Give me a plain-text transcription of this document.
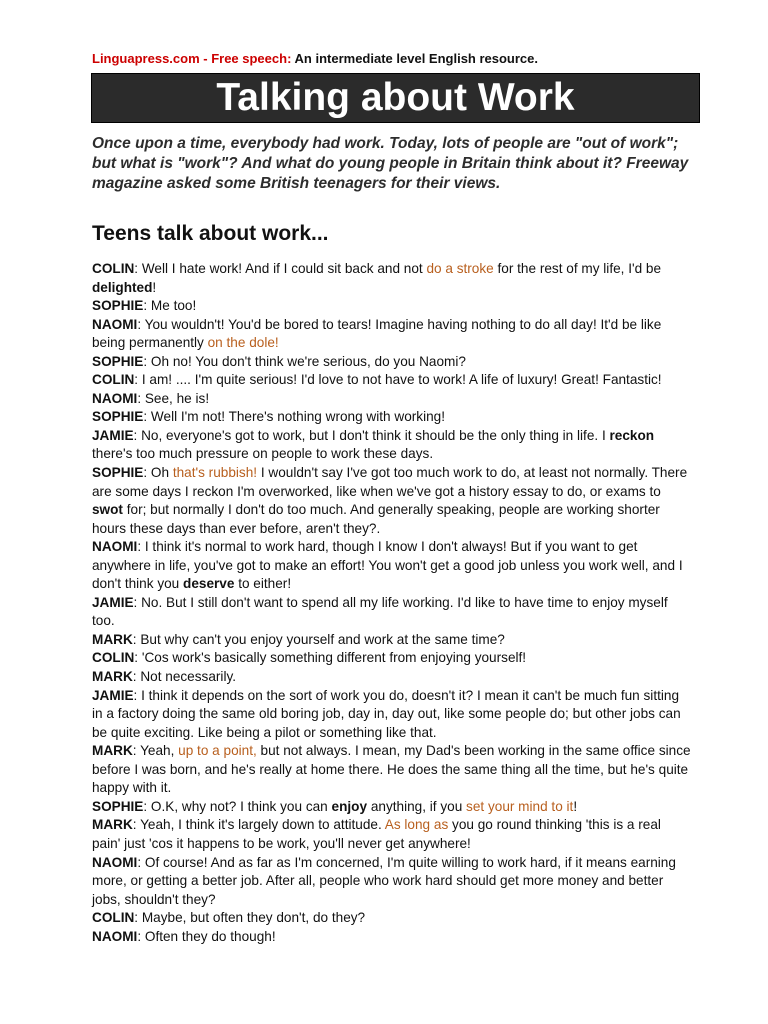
Linguapress.com - Free speech: An intermediate level English resource.
Talking about Work
Once upon a time, everybody had work. Today, lots of people are "out of work"; but what is "work"? And what do young people in Britain think about it? Freeway magazine asked some British teenagers for their views.
Teens talk about work...

COLIN: Well I hate work! And if I could sit back and not do a stroke for the rest of my life, I'd be delighted!

SOPHIE: Me too!

NAOMI: You wouldn't! You'd be bored to tears! Imagine having nothing to do all day! It'd be like being permanently on the dole!

SOPHIE: Oh no! You don't think we're serious, do you Naomi?

COLIN: I am! .... I'm quite serious! I'd love to not have to work! A life of luxury! Great! Fantastic!

NAOMI: See, he is!

SOPHIE: Well I'm not! There's nothing wrong with working!

JAMIE: No, everyone's got to work, but I don't think it should be the only thing in life. I reckon there's too much pressure on people to work these days.

SOPHIE: Oh that's rubbish! I wouldn't say I've got too much work to do, at least not normally. There are some days I reckon I'm overworked, like when we've got a history essay to do, or exams to swot for; but normally I don't do too much. And generally speaking, people are working shorter hours these days than ever before, aren't they?.

NAOMI: I think it's normal to work hard, though I know I don't always! But if you want to get anywhere in life, you've got to make an effort! You won't get a good job unless you work well, and I don't think you deserve to either!

JAMIE: No. But I still don't want to spend all my life working. I'd like to have time to enjoy myself too.

MARK: But why can't you enjoy yourself and work at the same time?

COLIN: 'Cos work's basically something different from enjoying yourself!

MARK: Not necessarily.

JAMIE: I think it depends on the sort of work you do, doesn't it? I mean it can't be much fun sitting in a factory doing the same old boring job, day in, day out, like some people do; but other jobs can be quite exciting. Like being a pilot or something like that.

MARK: Yeah, up to a point, but not always. I mean, my Dad's been working in the same office since before I was born, and he's really at home there. He does the same thing all the time, but he's quite happy with it.

SOPHIE: O.K, why not? I think you can enjoy anything, if you set your mind to it!

MARK: Yeah, I think it's largely down to attitude. As long as you go round thinking 'this is a real pain' just 'cos it happens to be work, you'll never get anywhere!

NAOMI: Of course! And as far as I'm concerned, I'm quite willing to work hard, if it means earning more, or getting a better job. After all, people who work hard should get more money and better jobs, shouldn't they?

COLIN: Maybe, but often they don't, do they?

NAOMI: Often they do though!
